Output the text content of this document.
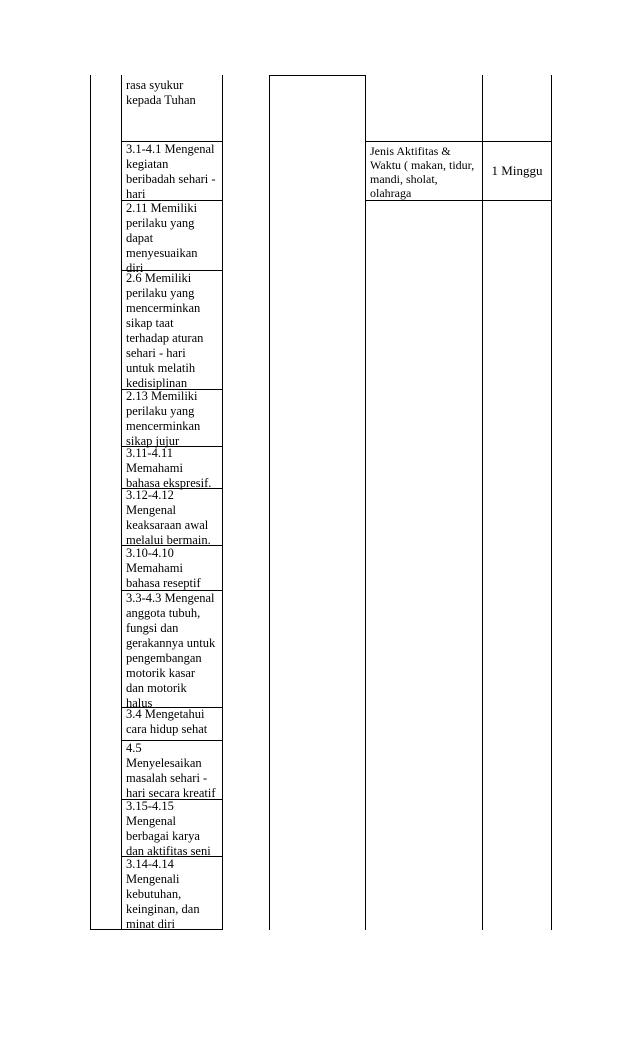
rasa syukur
kepada Tuhan
3.1-4.1 Mengenal
kegiatan
beribadah sehari -
hari
2.11 Memiliki
perilaku yang
dapat
menyesuaikan
diri
2.6 Memiliki
perilaku yang
mencerminkan
sikap taat
terhadap aturan
sehari - hari
untuk melatih
kedisiplinan
2.13 Memiliki
perilaku yang
mencerminkan
sikap jujur
3.11-4.11
Memahami
bahasa ekspresif.
3.12-4.12
Mengenal
keaksaraan awal
melalui bermain.
3.10-4.10
Memahami
bahasa reseptif
3.3-4.3 Mengenal
anggota tubuh,
fungsi dan
gerakannya untuk
pengembangan
motorik kasar
dan motorik
halus
3.4 Mengetahui
cara hidup sehat
4.5
Menyelesaikan
masalah sehari -
hari secara kreatif
3.15-4.15
Mengenal
berbagai karya
dan aktifitas seni
3.14-4.14
Mengenali
kebutuhan,
keinginan, dan
minat diri
Jenis Aktifitas &
Waktu ( makan, tidur,
mandi, sholat,
olahraga
1 Minggu
